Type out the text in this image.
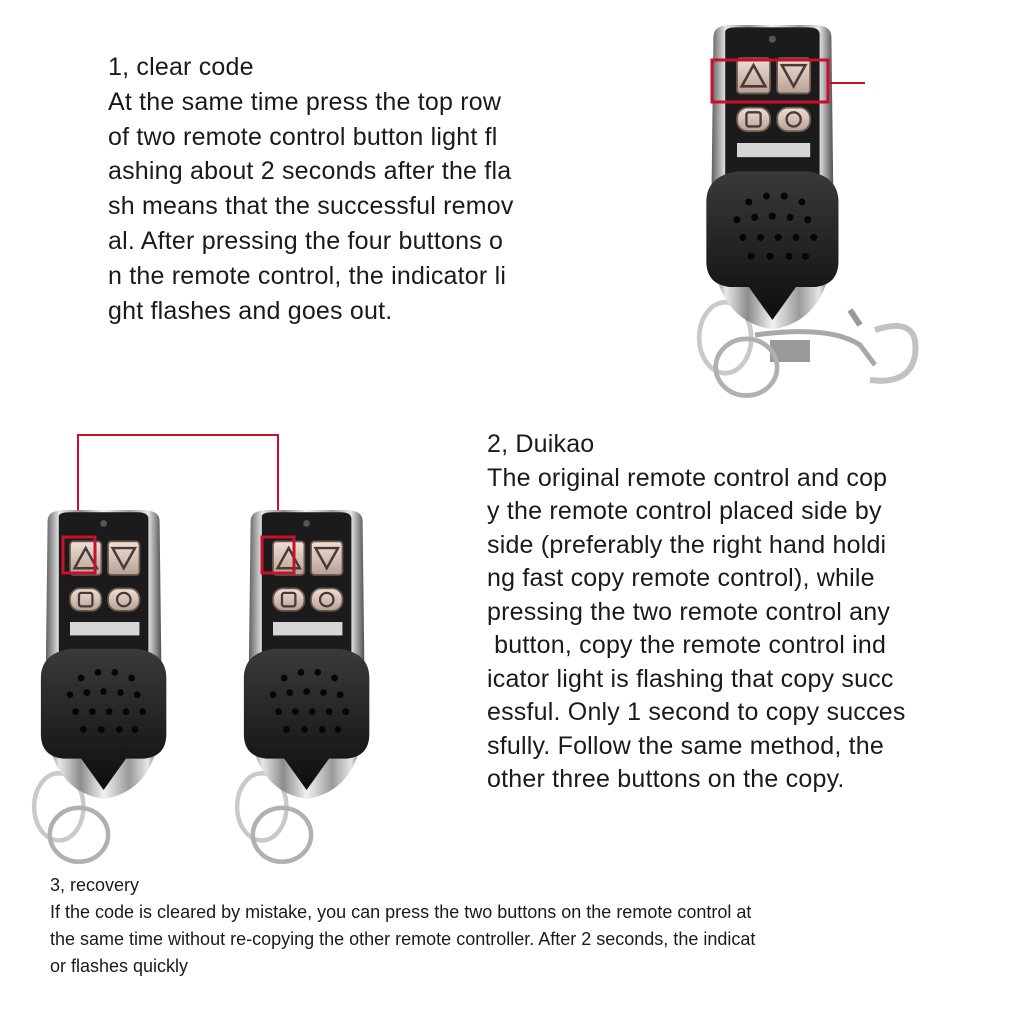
1, clear code
At the same time press the top row
of two remote control button light fl
ashing about 2 seconds after the fla
sh means that the successful remov
al. After pressing the four buttons o
n the remote control, the indicator li
ght flashes and goes out.
2, Duikao
The original remote control and cop
y the remote control placed side by
side (preferably the right hand holdi
ng fast copy remote control), while
pressing the two remote control any
button, copy the remote control ind
icator light is flashing that copy succ
essful. Only 1 second to copy succes
sfully. Follow the same method, the
other three buttons on the copy.
3, recovery
If the code is cleared by mistake, you can press the two buttons on the remote control at
the same time without re-copying the other remote controller. After 2 seconds, the indicat
or flashes quickly
